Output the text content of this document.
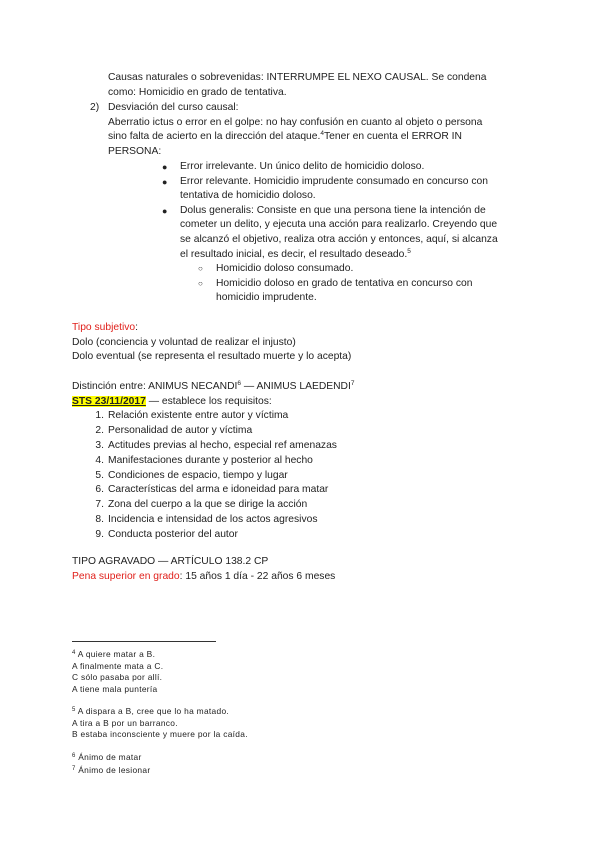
Causas naturales o sobrevenidas: INTERRUMPE EL NEXO CAUSAL. Se condena

como: Homicidio en grado de tentativa.

2) Desviación del curso causal:

Aberratio ictus o error en el golpe: no hay confusión en cuanto al objeto o persona

sino falta de acierto en la dirección del ataque.$^4$Tener en cuenta el ERROR IN

PERSONA:

●	Error irrelevante. Un único delito de homicidio doloso.

●	Error relevante. Homicidio imprudente consumado en concurso con

tentativa de homicidio doloso.

●	Dolus generalis: Consiste en que una persona tiene la intención de

cometer un delito, y ejecuta una acción para realizarlo. Creyendo que

se alcanzó el objetivo, realiza otra acción y entonces, aquí, si alcanza

el resultado inicial, es decir, el resultado deseado.$^5$

○	Homicidio doloso consumado.

○	Homicidio doloso en grado de tentativa en concurso con

homicidio imprudente.

Tipo subjetivo:

Dolo (conciencia y voluntad de realizar el injusto)

Dolo eventual (se representa el resultado muerte y lo acepta)

Distinción entre: ANIMUS NECANDI$^6$ — ANIMUS LAEDENDI$^7$

STS 23/11/2017 — establece los requisitos:

1. Relación existente entre autor y víctima
2. Personalidad de autor y víctima
3. Actitudes previas al hecho, especial ref amenazas
4. Manifestaciones durante y posterior al hecho
5. Condiciones de espacio, tiempo y lugar
6. Características del arma e idoneidad para matar
7. Zona del cuerpo a la que se dirige la acción
8. Incidencia e intensidad de los actos agresivos
9. Conducta posterior del autor

TIPO AGRAVADO — ARTÍCULO 138.2 CP

Pena superior en grado: 15 años 1 día - 22 años 6 meses

$^4$ A quiere matar a B.

A finalmente mata a C.

C sólo pasaba por allí.

A tiene mala puntería

$^5$ A dispara a B, cree que lo ha matado.

A tira a B por un barranco.

B estaba inconsciente y muere por la caída.

$^6$ Ánimo de matar

$^7$ Ánimo de lesionar
